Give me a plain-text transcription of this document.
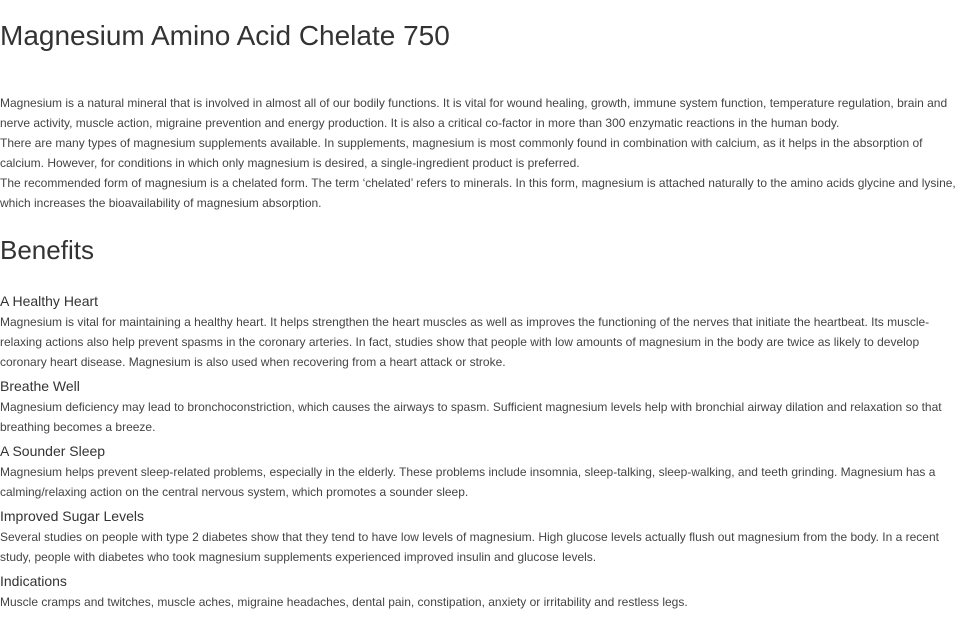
Magnesium Amino Acid Chelate 750

Magnesium is a natural mineral that is involved in almost all of our bodily functions. It is vital for wound healing, growth, immune system function, temperature regulation, brain and nerve activity, muscle action, migraine prevention and energy production. It is also a critical co-factor in more than 300 enzymatic reactions in the human body.

There are many types of magnesium supplements available. In supplements, magnesium is most commonly found in combination with calcium, as it helps in the absorption of calcium. However, for conditions in which only magnesium is desired, a single-ingredient product is preferred.

The recommended form of magnesium is a chelated form. The term ‘chelated’ refers to minerals. In this form, magnesium is attached naturally to the amino acids glycine and lysine, which increases the bioavailability of magnesium absorption.

Benefits
A Healthy Heart

Magnesium is vital for maintaining a healthy heart. It helps strengthen the heart muscles as well as improves the functioning of the nerves that initiate the heartbeat. Its muscle-relaxing actions also help prevent spasms in the coronary arteries. In fact, studies show that people with low amounts of magnesium in the body are twice as likely to develop coronary heart disease. Magnesium is also used when recovering from a heart attack or stroke.

Breathe Well

Magnesium deficiency may lead to bronchoconstriction, which causes the airways to spasm. Sufficient magnesium levels help with bronchial airway dilation and relaxation so that breathing becomes a breeze.

A Sounder Sleep

Magnesium helps prevent sleep-related problems, especially in the elderly. These problems include insomnia, sleep-talking, sleep-walking, and teeth grinding. Magnesium has a calming/relaxing action on the central nervous system, which promotes a sounder sleep.

Improved Sugar Levels

Several studies on people with type 2 diabetes show that they tend to have low levels of magnesium. High glucose levels actually flush out magnesium from the body. In a recent study, people with diabetes who took magnesium supplements experienced improved insulin and glucose levels.

Indications

Muscle cramps and twitches, muscle aches, migraine headaches, dental pain, constipation, anxiety or irritability and restless legs.
